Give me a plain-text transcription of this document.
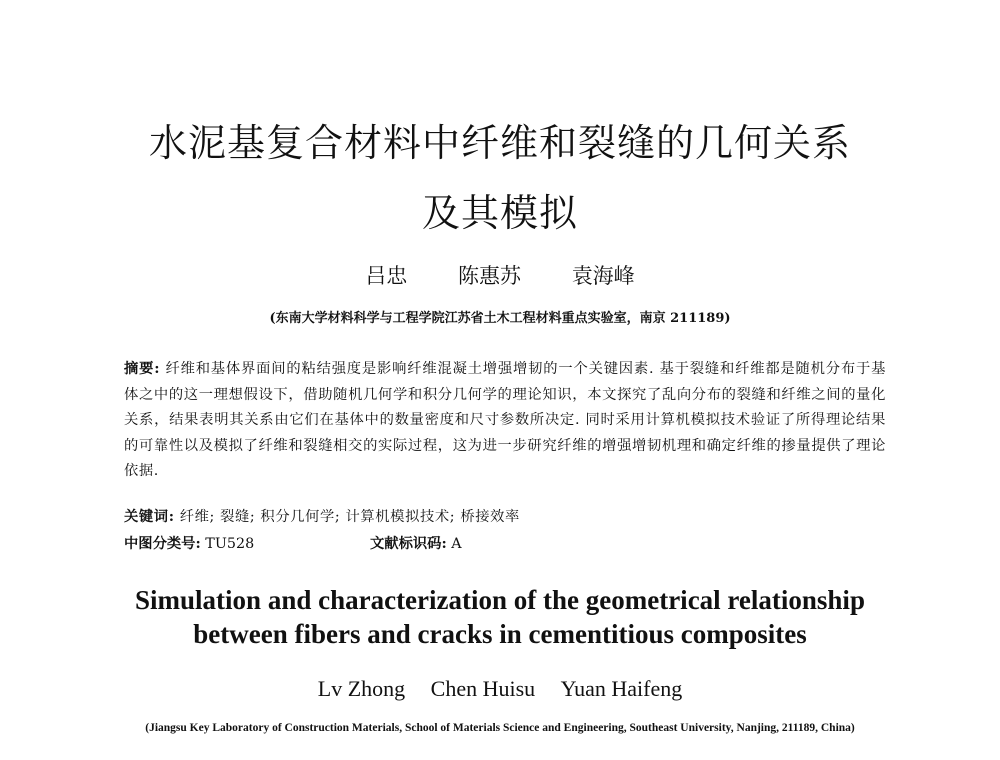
水泥基复合材料中纤维和裂缝的几何关系
及其模拟
吕忠 陈惠苏 袁海峰
(东南大学材料科学与工程学院江苏省土木工程材料重点实验室，南京 211189)
摘要: 纤维和基体界面间的粘结强度是影响纤维混凝土增强增韧的一个关键因素. 基于裂缝和纤维都是随机分布于基体之中的这一理想假设下，借助随机几何学和积分几何学的理论知识，本文探究了乱向分布的裂缝和纤维之间的量化关系，结果表明其关系由它们在基体中的数量密度和尺寸参数所决定. 同时采用计算机模拟技术验证了所得理论结果的可靠性以及模拟了纤维和裂缝相交的实际过程，这为进一步研究纤维的增强增韧机理和确定纤维的掺量提供了理论依据.
关键词: 纤维; 裂缝; 积分几何学; 计算机模拟技术; 桥接效率
中图分类号: TU528	文献标识码: A
Simulation and characterization of the geometrical relationship
between fibers and cracks in cementitious composites
Lv Zhong Chen Huisu Yuan Haifeng
(Jiangsu Key Laboratory of Construction Materials, School of Materials Science and Engineering, Southeast University, Nanjing, 211189, China)
